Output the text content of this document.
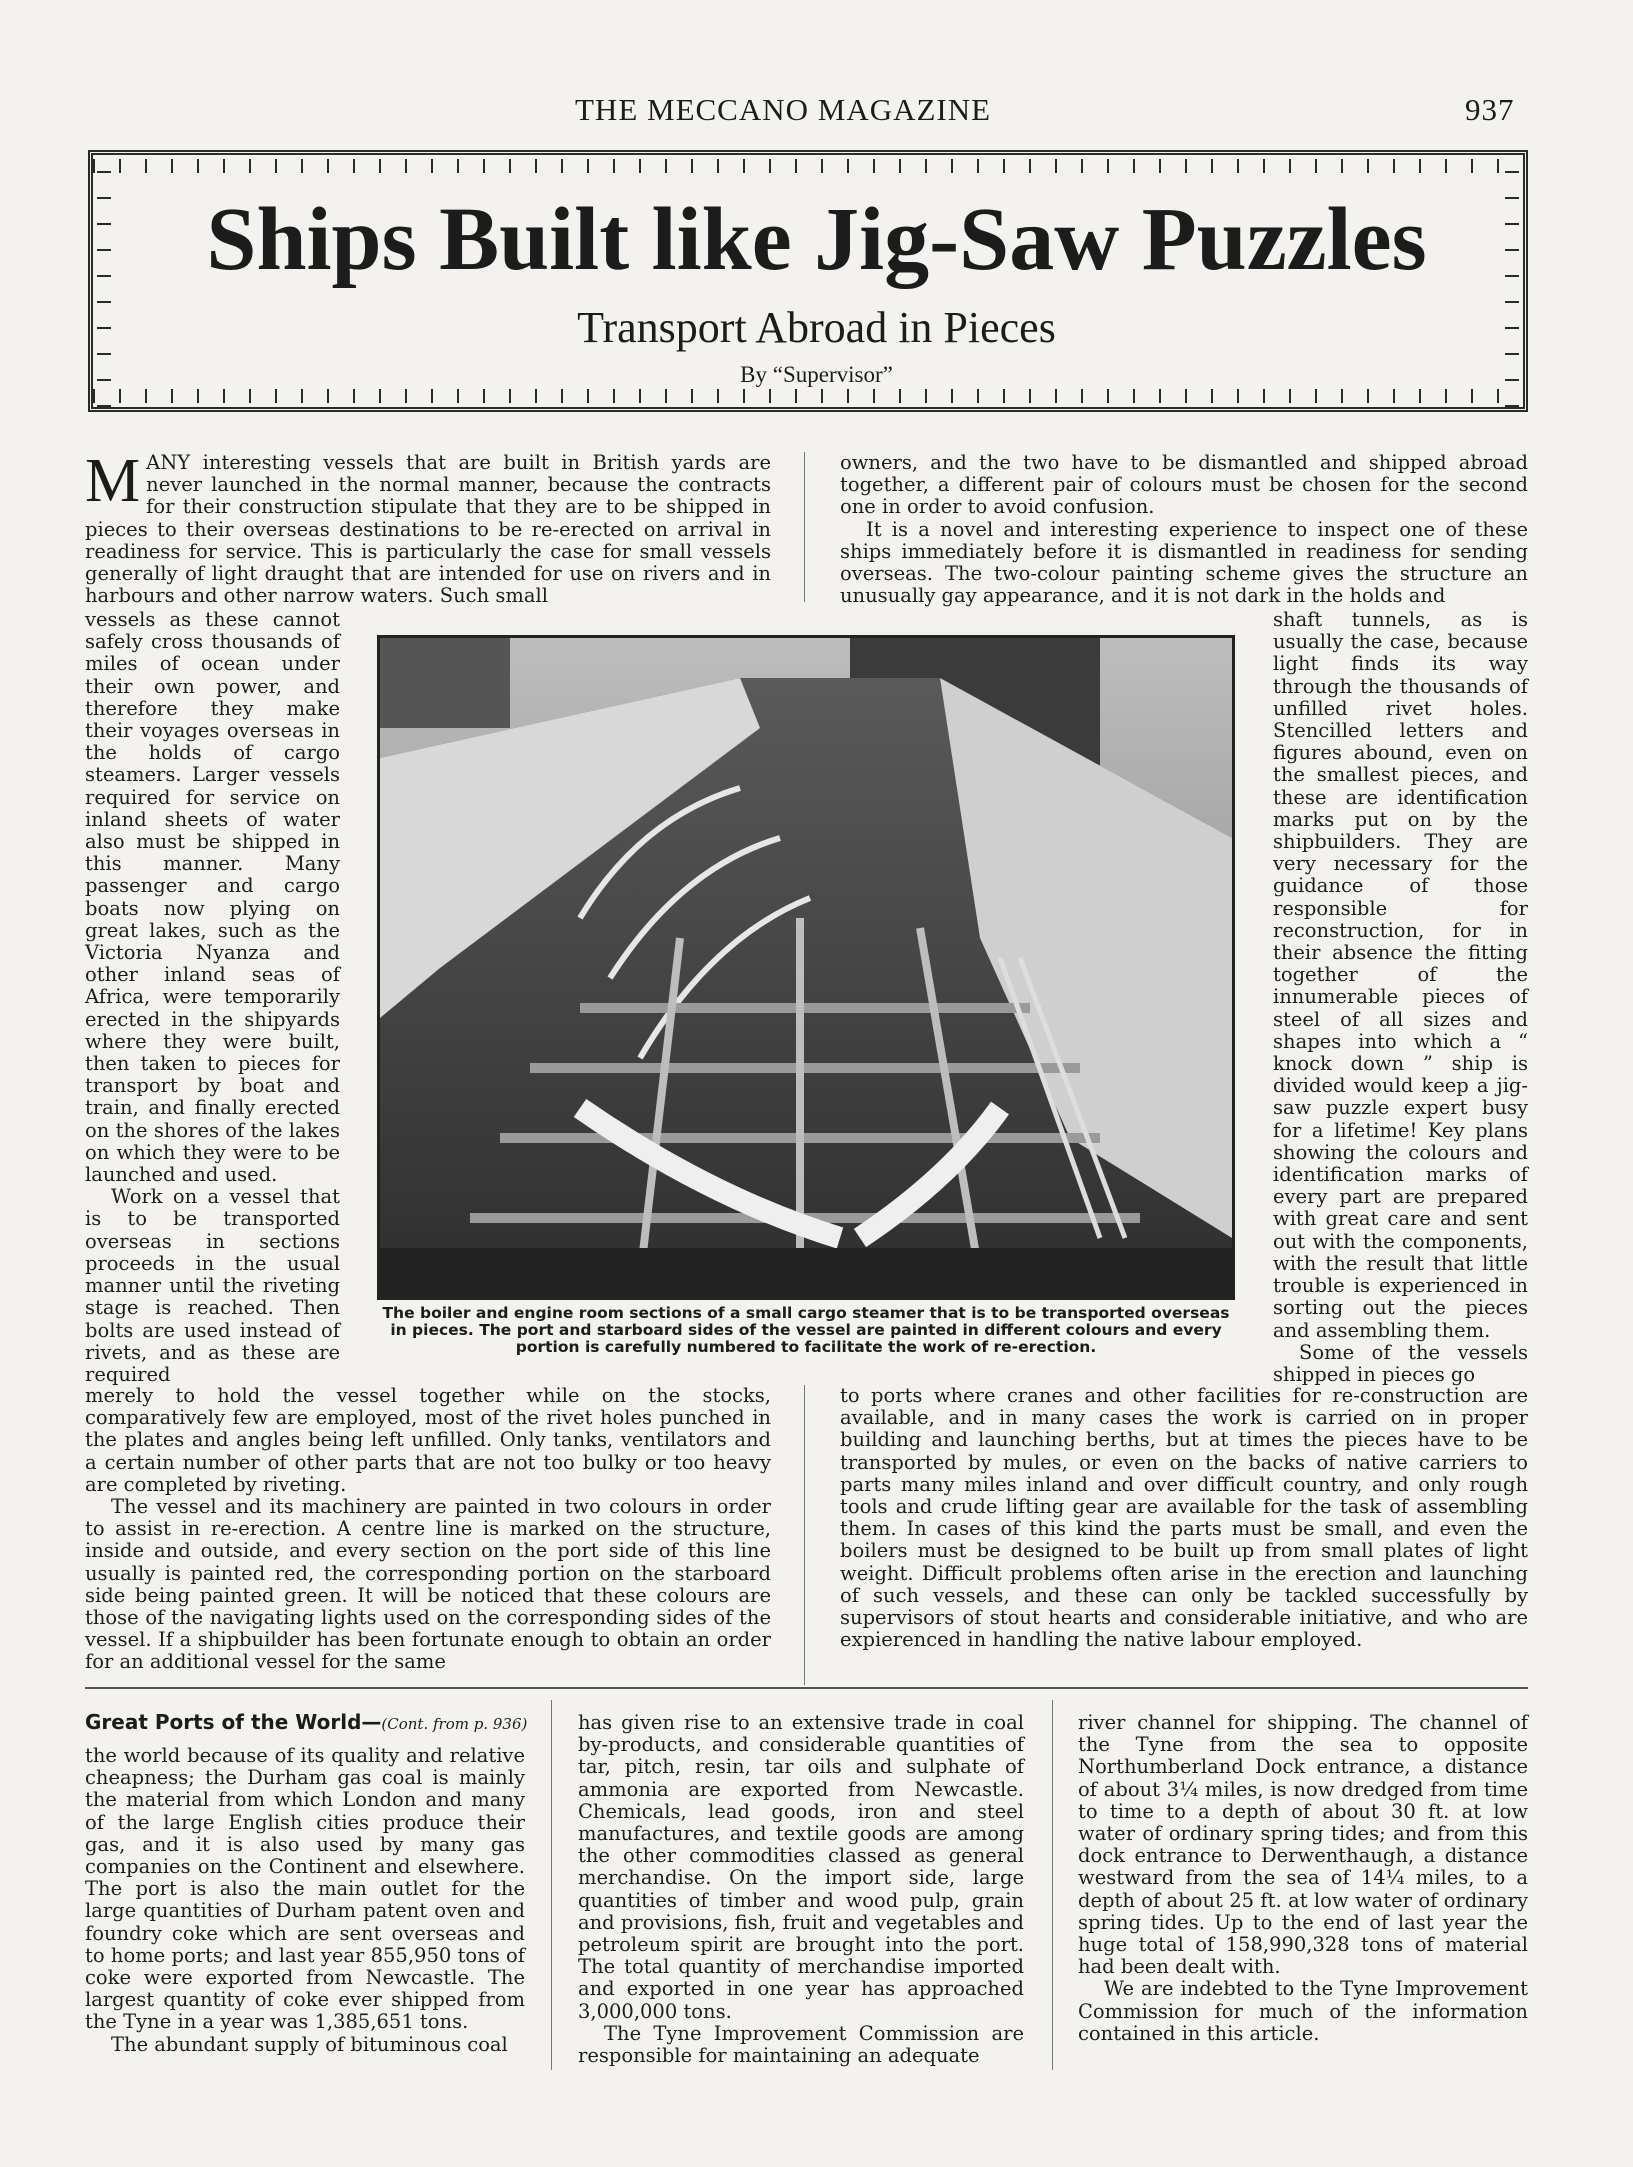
THE MECCANO MAGAZINE	937
Ships Built like Jig-Saw Puzzles
Transport Abroad in Pieces
By “Supervisor”
M ANY interesting vessels that are built in British yards are never launched in the normal manner, because the contracts for their construction stipulate that they are to be shipped in pieces to their overseas destinations to be re-erected on arrival in readiness for service. This is particularly the case for small vessels generally of light draught that are intended for use on rivers and in harbours and other narrow waters. Such small

owners, and the two have to be dismantled and shipped abroad together, a different pair of colours must be chosen for the second one in order to avoid confusion.

It is a novel and interesting experience to inspect one of these ships immediately before it is dismantled in readiness for sending overseas. The two-colour painting scheme gives the structure an unusually gay appearance, and it is not dark in the holds and

vessels as these cannot safely cross thousands of miles of ocean under their own power, and therefore they make their voyages overseas in the holds of cargo steamers. Larger vessels required for service on inland sheets of water also must be shipped in this manner. Many passenger and cargo boats now plying on great lakes, such as the Victoria Nyanza and other inland seas of Africa, were temporarily erected in the shipyards where they were built, then taken to pieces for transport by boat and train, and finally erected on the shores of the lakes on which they were to be launched and used.

Work on a vessel that is to be transported overseas in sections proceeds in the usual manner until the riveting stage is reached. Then bolts are used instead of rivets, and as these are required

The boiler and engine room sections of a small cargo steamer that is to be transported overseas in pieces. The port and starboard sides of the vessel are painted in different colours and every portion is carefully numbered to facilitate the work of re-erection.

shaft tunnels, as is usually the case, because light finds its way through the thousands of unfilled rivet holes. Stencilled letters and figures abound, even on the smallest pieces, and these are identification marks put on by the shipbuilders. They are very necessary for the guidance of those responsible for reconstruction, for in their absence the fitting together of the innumerable pieces of steel of all sizes and shapes into which a “ knock down ” ship is divided would keep a jig-saw puzzle expert busy for a lifetime! Key plans showing the colours and identification marks of every part are prepared with great care and sent out with the components, with the result that little trouble is experienced in sorting out the pieces and assembling them.

Some of the vessels shipped in pieces go

merely to hold the vessel together while on the stocks, comparatively few are employed, most of the rivet holes punched in the plates and angles being left unfilled. Only tanks, ventilators and a certain number of other parts that are not too bulky or too heavy are completed by riveting.

The vessel and its machinery are painted in two colours in order to assist in re-erection. A centre line is marked on the structure, inside and outside, and every section on the port side of this line usually is painted red, the corresponding portion on the starboard side being painted green. It will be noticed that these colours are those of the navigating lights used on the corresponding sides of the vessel. If a shipbuilder has been fortunate enough to obtain an order for an additional vessel for the same

to ports where cranes and other facilities for re-construction are available, and in many cases the work is carried on in proper building and launching berths, but at times the pieces have to be transported by mules, or even on the backs of native carriers to parts many miles inland and over difficult country, and only rough tools and crude lifting gear are available for the task of assembling them. In cases of this kind the parts must be small, and even the boilers must be designed to be built up from small plates of light weight. Difficult problems often arise in the erection and launching of such vessels, and these can only be tackled successfully by supervisors of stout hearts and considerable initiative, and who are expierenced in handling the native labour employed.

Great Ports of the World—(Cont. from p. 936)

the world because of its quality and relative cheapness; the Durham gas coal is mainly the material from which London and many of the large English cities produce their gas, and it is also used by many gas companies on the Continent and elsewhere. The port is also the main outlet for the large quantities of Durham patent oven and foundry coke which are sent overseas and to home ports; and last year 855,950 tons of coke were exported from Newcastle. The largest quantity of coke ever shipped from the Tyne in a year was 1,385,651 tons.

The abundant supply of bituminous coal

has given rise to an extensive trade in coal by-products, and considerable quantities of tar, pitch, resin, tar oils and sulphate of ammonia are exported from Newcastle. Chemicals, lead goods, iron and steel manufactures, and textile goods are among the other commodities classed as general merchandise. On the import side, large quantities of timber and wood pulp, grain and provisions, fish, fruit and vegetables and petroleum spirit are brought into the port. The total quantity of merchandise imported and exported in one year has approached 3,000,000 tons.

The Tyne Improvement Commission are responsible for maintaining an adequate

river channel for shipping. The channel of the Tyne from the sea to opposite Northumberland Dock entrance, a distance of about 3¼ miles, is now dredged from time to time to a depth of about 30 ft. at low water of ordinary spring tides; and from this dock entrance to Derwenthaugh, a distance westward from the sea of 14¼ miles, to a depth of about 25 ft. at low water of ordinary spring tides. Up to the end of last year the huge total of 158,990,328 tons of material had been dealt with.

We are indebted to the Tyne Improvement Commission for much of the information contained in this article.
